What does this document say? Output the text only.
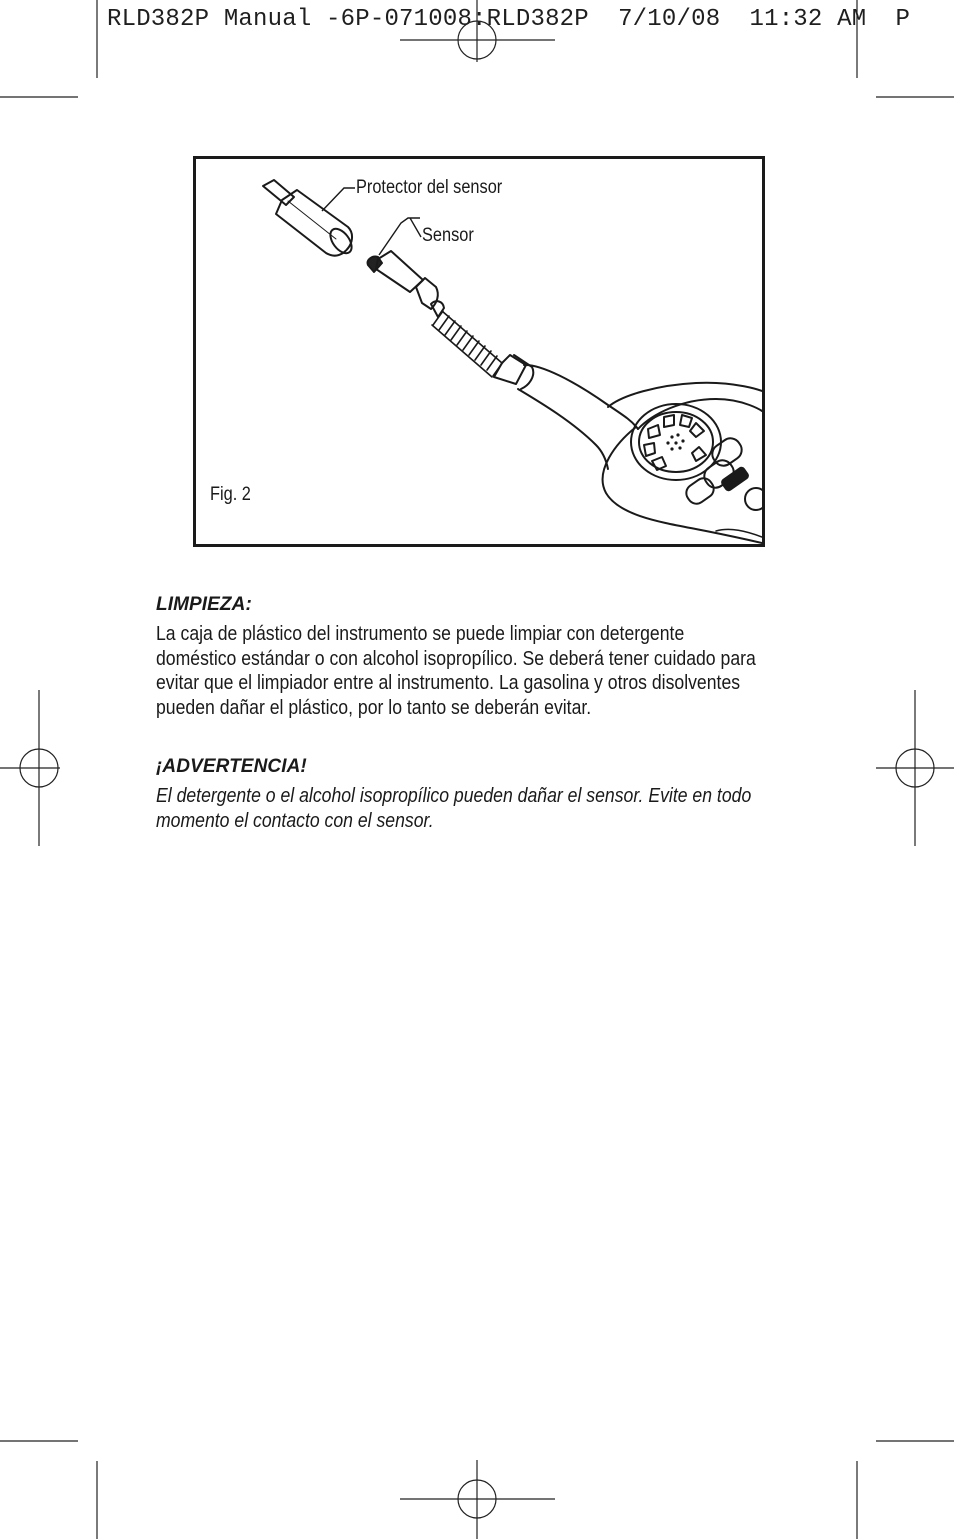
RLD382P Manual -6P-071008:RLD382P  7/10/08  11:32 AM  P
Protector del sensor
Sensor
Fig. 2
LIMPIEZA:
La caja de plástico del instrumento se puede limpiar con detergente
doméstico estándar o con alcohol isopropílico. Se deberá tener cuidado para
evitar que el limpiador entre al instrumento. La gasolina y otros disolventes
pueden dañar el plástico, por lo tanto se deberán evitar.
¡ADVERTENCIA!
El detergente o el alcohol isopropílico pueden dañar el sensor. Evite en todo
momento el contacto con el sensor.
